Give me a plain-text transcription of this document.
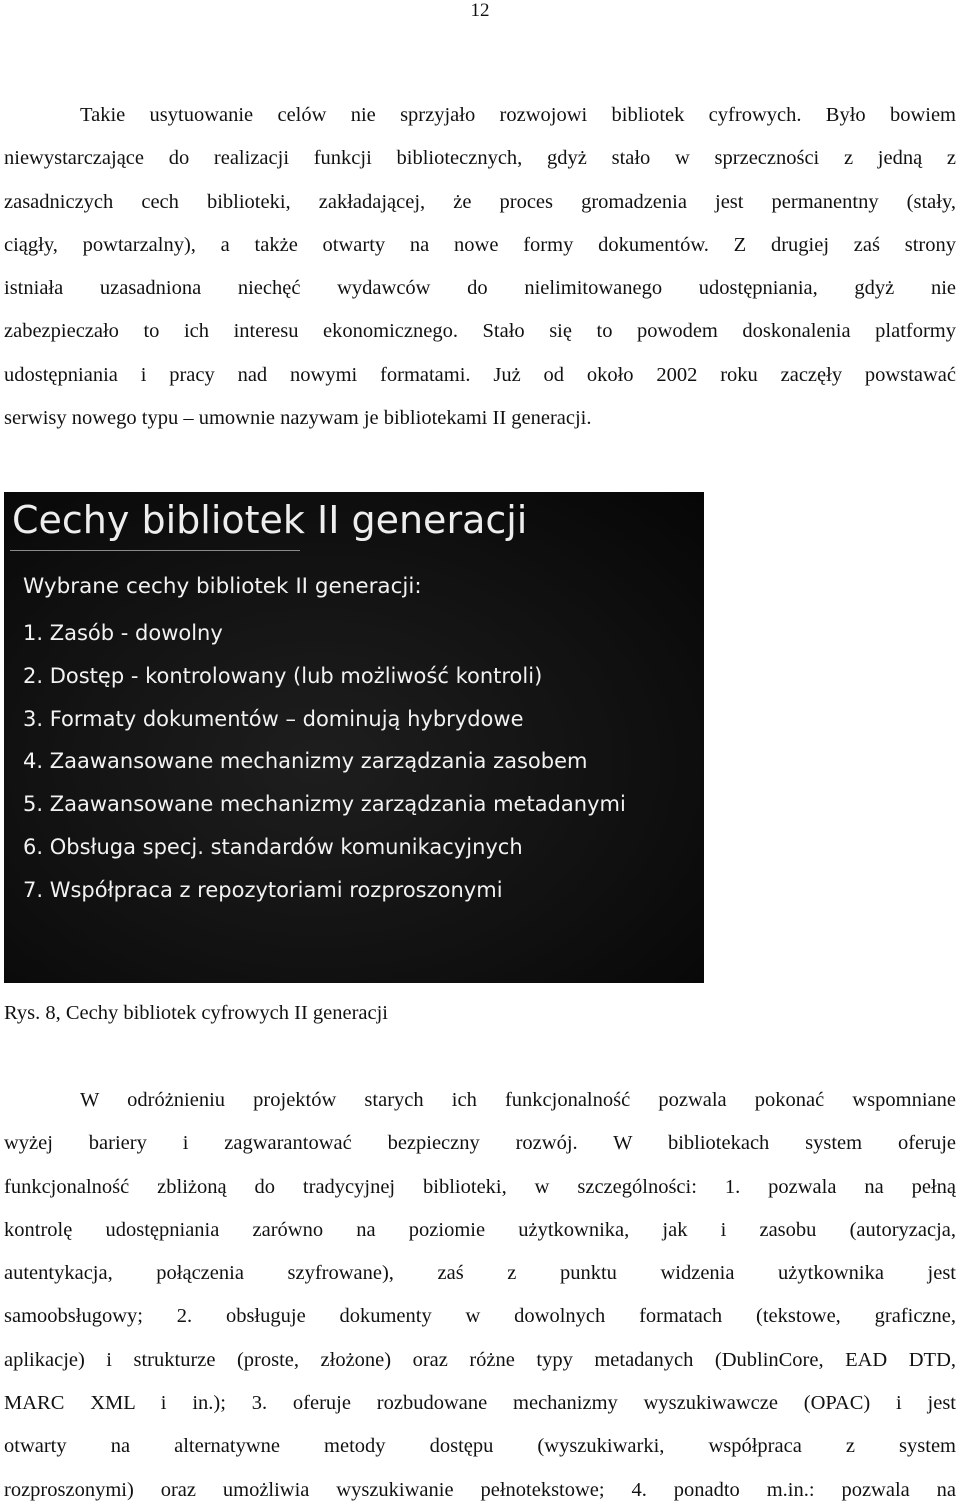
12

Takie usytuowanie celów nie sprzyjało rozwojowi bibliotek cyfrowych. Było bowiem
niewystarczające do realizacji funkcji bibliotecznych, gdyż stało w sprzeczności z jedną z
zasadniczych cech biblioteki, zakładającej, że proces gromadzenia jest permanentny (stały,
ciągły, powtarzalny), a także otwarty na nowe formy dokumentów. Z drugiej zaś strony
istniała uzasadniona niechęć wydawców do nielimitowanego udostępniania, gdyż nie
zabezpieczało to ich interesu ekonomicznego. Stało się to powodem doskonalenia platformy
udostępniania i pracy nad nowymi formatami. Już od około 2002 roku zaczęły powstawać
serwisy nowego typu – umownie nazywam je bibliotekami II generacji.

Cechy bibliotek II generacji
Wybrane cechy bibliotek II generacji:
1. Zasób - dowolny
2. Dostęp - kontrolowany (lub możliwość kontroli)
3. Formaty dokumentów – dominują hybrydowe
4. Zaawansowane mechanizmy zarządzania zasobem
5. Zaawansowane mechanizmy zarządzania metadanymi
6. Obsługa specj. standardów komunikacyjnych
7. Współpraca z repozytoriami rozproszonymi
Rys. 8, Cechy bibliotek cyfrowych II generacji

W odróżnieniu projektów starych ich funkcjonalność pozwala pokonać wspomniane
wyżej bariery i zagwarantować bezpieczny rozwój. W bibliotekach system oferuje
funkcjonalność zbliżoną do tradycyjnej biblioteki, w szczególności: 1. pozwala na pełną
kontrolę udostępniania zarówno na poziomie użytkownika, jak i zasobu (autoryzacja,
autentykacja, połączenia szyfrowane), zaś z punktu widzenia użytkownika jest
samoobsługowy; 2. obsługuje dokumenty w dowolnych formatach (tekstowe, graficzne,
aplikacje) i strukturze (proste, złożone) oraz różne typy metadanych (DublinCore, EAD DTD,
MARC XML i in.); 3. oferuje rozbudowane mechanizmy wyszukiwawcze (OPAC) i jest
otwarty na alternatywne metody dostępu (wyszukiwarki, współpraca z system
rozproszonymi) oraz umożliwia wyszukiwanie pełnotekstowe; 4. ponadto m.in.: pozwala na
